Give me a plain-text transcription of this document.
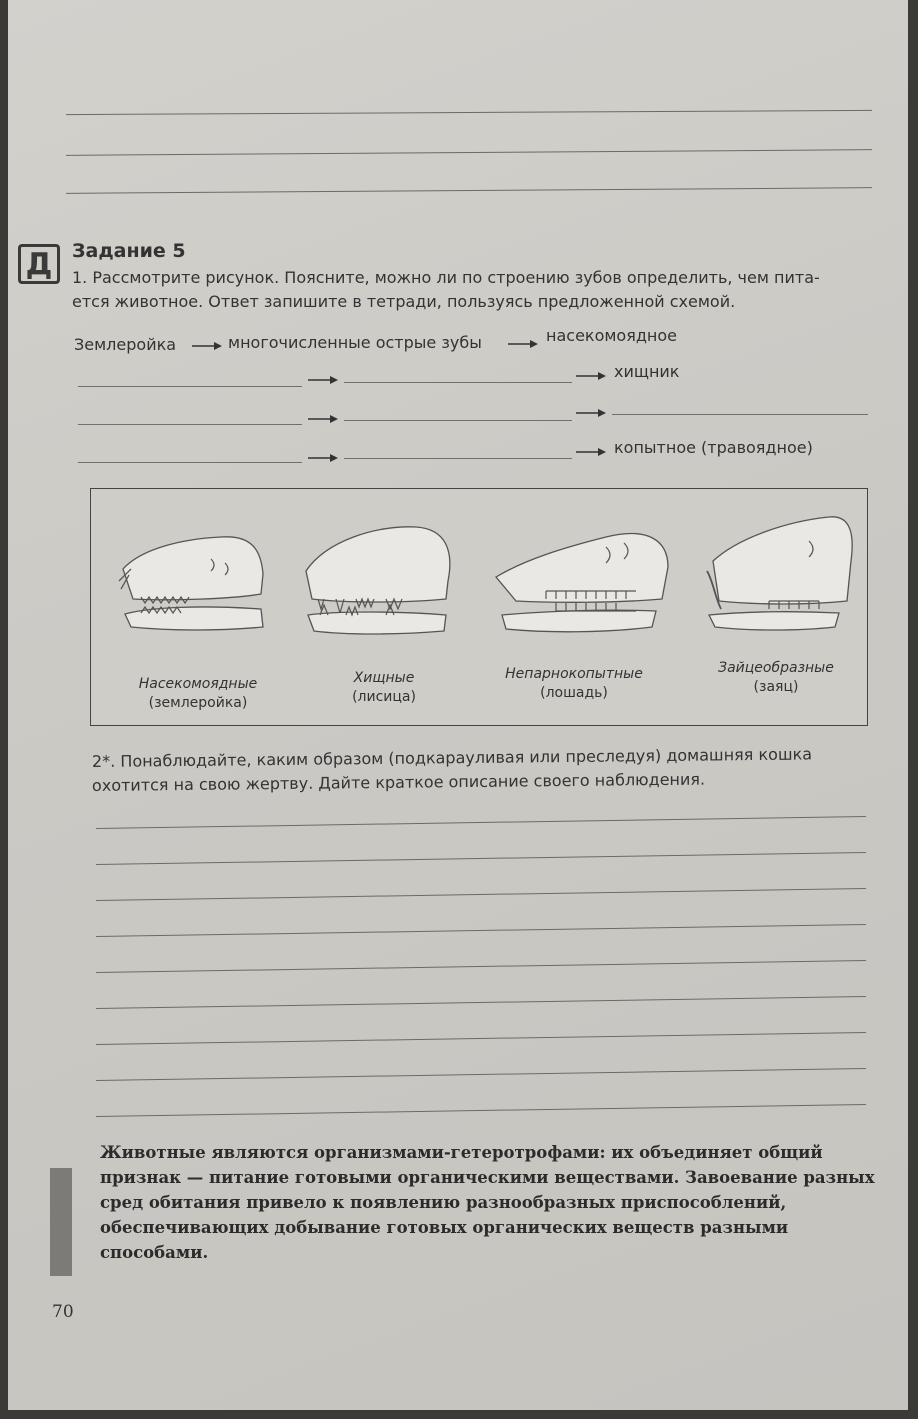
Д	Задание 5
1. Рассмотрите рисунок. Поясните, можно ли по строению зубов определить, чем пита-
ется животное. Ответ запишите в тетради, пользуясь предложенной схемой.
Землеройка	многочисленные острые зубы	насекомоядное
хищник
копытное (травоядное)
Насекомоядные
(землеройка)
Хищные
(лисица)
Непарнокопытные
(лошадь)
Зайцеобразные
(заяц)
2*. Понаблюдайте, каким образом (подкарауливая или преследуя) домашняя кошка
охотится на свою жертву. Дайте краткое описание своего наблюдения.
Животные являются организмами-гетеротрофами: их объединяет общий признак — питание готовыми органическими веществами. Завоевание разных сред обитания привело к появлению разнообразных приспособлений, обеспечивающих добывание готовых органических веществ разными способами.
70
